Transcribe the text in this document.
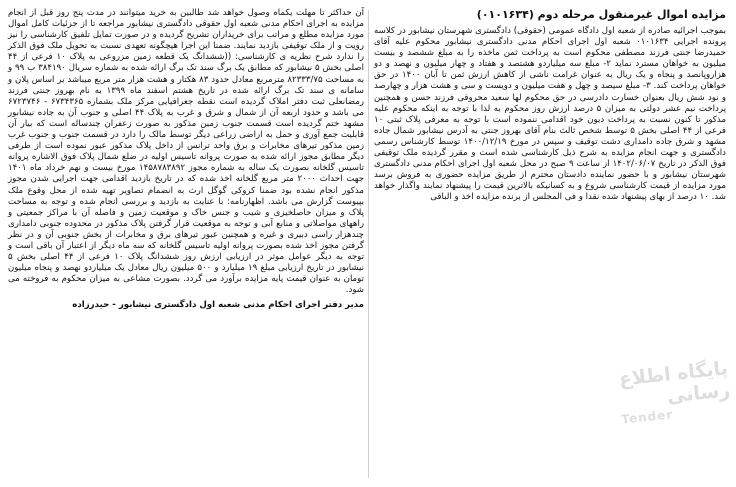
مزایده اموال غیرمنقول مرحله دوم (۰۱۰۱۶۳۴)

بموجب اجرائیه صادره از شعبه اول دادگاه عمومی (حقوقی) دادگستری شهرستان نیشابور در کلاسه پرونده اجرایی ۰۱۰۱۶۳۴ شعبه اول اجرای احکام مدنی دادگستری نیشابور محکوم علیه آقای حمیدرضا جنتی فرزند مصطفی محکوم است به پرداخت ثمن ماخذه را به مبلغ ششصد و بیست میلیون به خواهان مسترد نماید ۲- مبلغ سه میلیاردو هشتصد و هفتاد و چهار میلیون و نهصد و دو هزاروپانصد و پنجاه و یک ریال به عنوان غرامت ناشی از کاهش ارزش ثمن تا آبان ۱۴۰۰ در حق خواهان پرداخت کند. ۳- مبلغ سیصد و چهل و هفت میلیون و دویست و سی و هشت هزار و چهارصد و نود شش ریال بعنوان خسارت دادرسی در حق محکوم لها سعید محروقی فرزند حسن و همچنین پرداخت نیم عشر دولتی به میزان ۵ درصد ارزش روز محکوم به لذا با توجه به اینکه محکوم علیه مذکور تا کنون نسبت به پرداخت دیون خود اقدامی ننموده است با توجه به معرفی پلاک ثبتی ۱۰ فرعی از ۴۴ اصلی بخش ۵ توسط شخص ثالث بنام آقای بهروز جنتی به آدرس نیشابور شمال جاده مشهد و شرق جاده دامداری دشت توقیف و سپس در مورخ ۱۴۰۰/۱۲/۱۹ توسط کارشناس رسمی دادگستری و جهت انجام مزایده به شرح ذیل کارشناسی شده است و مقرر گردیده ملک توقیفی فوق الذکر در تاریخ ۱۴۰۲/۰۶/۰۷ از ساعت ۹ صبح در محل شعبه اول اجرای احکام مدنی دادگستری شهرستان نیشابور و با حضور نماینده دادستان محترم از طریق مزایده حضوری به فروش برسد مورد مزایده از قیمت کارشناسی شروع و به کسانیکه بالاترین قیمت را پیشنهاد نمایند واگذار خواهد شد. ۱۰ درصد از بهای پیشنهاد شده نقدا و فی المجلس از برنده مزایده اخذ و الباقی

آن حداکثر تا مهلت یکماه وصول خواهد شد طالبین به خرید میتوانند در مدت پنج روز قبل از انجام مزایده به اجرای احکام مدنی شعبه اول حقوقی دادگستری نیشابور مراجعه تا از جزئیات کامل اموال مورد مزایده مطلع و مراتب برای خریداران تشریح گردیده و در صورت تمایل تلفیق کارشناسی را نیز رویت و از ملک توقیفی بازدید نمایند. ضمنا این اجرا هیچگونه تعهدی نسبت به تحویل ملک فوق الذکر را ندارد شرح نظریه ی کارشناسی: ((ششدانگ یک قطعه زمین مزروعی به پلاک ۱۰ فرعی از ۴۴ اصلی بخش ۵ نیشابور که مطابق یک برگ سند تک برگ ارائه شده به شماره سریال ۳۸۴۱۹۰ ب ۹۹ و به مساحت ۸۲۳۳۳/۷۵ مترمربع معادل حدود ۸۳ هکتار و هشت هزار متر مربع میباشد بر اساس پلان و سامانه ی سند تک برگ ارائه شده در تاریخ هشتم اسفند ماه ۱۳۹۹ به نام بهروز جنتی فرزند رمضانعلی ثبت دفتر املاک گردیده است نقطه جغرافیایی مرکز ملک بشماره ۶۷۳۴۳۶۵ - ۶۷۲۳۷۴۶ می باشد و حدود اربعه آن از شمال و شرق و غرب به پلاک ۴۴ اصلی و جنوب آن به جاده نیشابور مشهد ختم گردیده است قسمت جنوب زمین مذکور به صورت زعفران چندساله است که بیار آن قابلیت جمع آوری و حمل به اراضی زراعی دیگر توسط مالک را دارد در قسمت جنوب و جنوب غرب زمین مذکور تیرهای مخابرات و برق واحد ترانس از داخل پلاک مذکور عبور نموده است از طرفی دیگر مطابق مجوز ارائه شده به صورت پروانه تاسیس اولیه در ضلع شمال پلاک فوق الاشاره پروانه تاسیس گلخانه بصورت یک ساله به شماره مجوز ۱۴۵۸۷۸۳۸۹۲ مورخ بیست و نهم خرداد ماه ۱۴۰۱ جهت احداث ۲۰۰۰ متر مربع گلخانه اخذ شده که در تاریخ بازدید اقدامی جهت اجرایی شدن مجوز مذکور انجام نشده بود ضمنا کروکی گوگل ارث به انضمام تصاویر تهیه شده از محل وقوع ملک بپیوست گزارش می باشد. اظهارنامه: با عنایت به بازدید و بررسی انجام شده و توجه به مساحت پلاک و میزان حاصلخیزی و شیب و جنس خاک و موقعیت زمین و فاصله آن با مراکز جمعیتی و راههای مواصلاتی و منابع آبی و توجه به موقعیت قرار گرفتن پلاک مذکور در محدوده جنوبی دامداری چندهزار راسی دبیری و غیره و همچنین عبور تیرهای برق و مخابرات از بخش جنوبی آن و در نظر گرفتن مجوز اخذ شده بصورت پروانه اولیه تاسیس گلخانه که سه ماه دیگر از اعتبار آن باقی است و توجه به دیگر عوامل موثر در ارزیابی ارزش روز ششدانگ پلاک ۱۰ فرعی از ۴۴ اصلی بخش ۵ نیشابور در تاریخ ارزیابی مبلغ ۱۹ میلیارد و ۵۰۰ میلیون ریال معادل یک میلیاردو نهصد و پنجاه میلیون تومان به عنوان قیمت پایه مزایده برآورد می گردد. بصورت مشاعی به میزان محکوم به فروخته می شود.

مدیر دفتر اجرای احکام مدنی شعبه اول دادگستری نیشابور - حیدرزاده
پایگاه اطلاع رسانی
Tender
